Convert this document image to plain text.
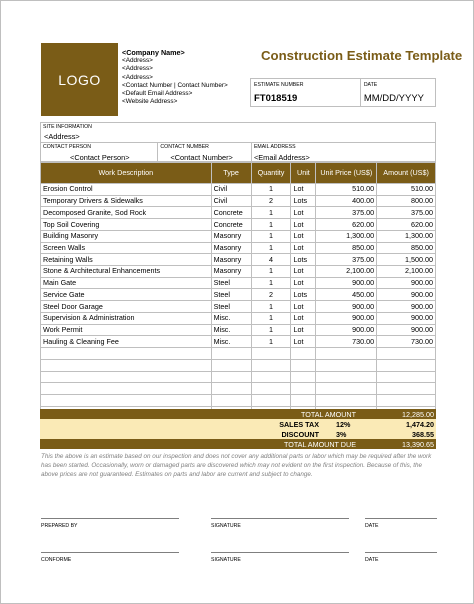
LOGO
<Company Name>
<Address>
<Address>
<Address>
<Contact Number | Contact Number>
<Default Email Address>
<Website Address>
Construction Estimate Template
ESTIMATE NUMBER
FT018519
DATE
MM/DD/YYYY
SITE INFORMATION
<Address>
CONTACT PERSON
<Contact Person>
CONTACT NUMBER
<Contact Number>
EMAIL ADDRESS
<Email Address>
Work Description	Type	Quantity	Unit	Unit Price (US$)	Amount (US$)
Erosion Control	Civil	1	Lot	510.00	510.00
Temporary Drivers & Sidewalks	Civil	2	Lots	400.00	800.00
Decomposed Granite, Sod Rock	Concrete	1	Lot	375.00	375.00
Top Soil Covering	Concrete	1	Lot	620.00	620.00
Building Masonry	Masonry	1	Lot	1,300.00	1,300.00
Screen Walls	Masonry	1	Lot	850.00	850.00
Retaining Walls	Masonry	4	Lots	375.00	1,500.00
Stone & Architectural Enhancements	Masonry	1	Lot	2,100.00	2,100.00
Main Gate	Steel	1	Lot	900.00	900.00
Service Gate	Steel	2	Lots	450.00	900.00
Steel Door Garage	Steel	1	Lot	900.00	900.00
Supervision & Administration	Misc.	1	Lot	900.00	900.00
Work Permit	Misc.	1	Lot	900.00	900.00
Hauling & Cleaning Fee	Misc.	1	Lot	730.00	730.00

TOTAL AMOUNT	12,285.00
SALES TAX 12%	1,474.20
DISCOUNT 3%	368.55
TOTAL AMOUNT DUE	13,390.65
This the above is an estimate based on our inspection and does not cover any additional parts or labor which may be required after the work has been started. Occasionally, worn or damaged parts are discovered which may not evident on the first inspection. Because of this, the above prices are not guaranteed. Estimates on parts and labor are current and subject to change.
PREPARED BY	SIGNATURE	DATE
CONFORME	SIGNATURE	DATE
